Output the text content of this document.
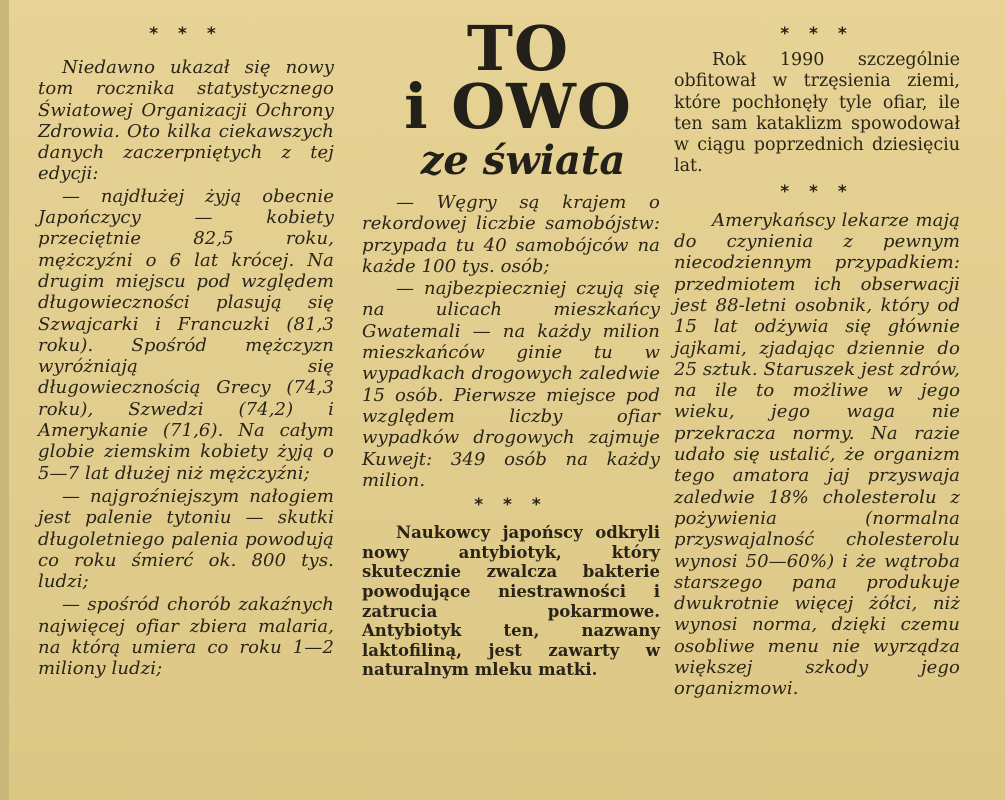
* * *

Niedawno ukazał się nowy tom rocznika statystycznego Światowej Organizacji Ochrony Zdrowia. Oto kilka ciekawszych danych zaczerpniętych z tej edycji:

— najdłużej żyją obecnie Japończycy — kobiety przeciętnie 82,5 roku, mężczyźni o 6 lat krócej. Na drugim miejscu pod względem długowieczności plasują się Szwajcarki i Francuzki (81,3 roku). Spośród mężczyzn wyróżniają się długowiecznością Grecy (74,3 roku), Szwedzi (74,2) i Amerykanie (71,6). Na całym globie ziemskim kobiety żyją o 5—7 lat dłużej niż mężczyźni;

— najgroźniejszym nałogiem jest palenie tytoniu — skutki długoletniego palenia powodują co roku śmierć ok. 800 tys. ludzi;

— spośród chorób zakaźnych najwięcej ofiar zbiera malaria, na którą umiera co roku 1—2 miliony ludzi;

TO
i OWO
ze świata

— Węgry są krajem o rekordowej liczbie samobójstw: przypada tu 40 samobójców na każde 100 tys. osób;

— najbezpieczniej czują się na ulicach mieszkańcy Gwatemali — na każdy milion mieszkańców ginie tu w wypadkach drogowych zaledwie 15 osób. Pierwsze miejsce pod względem liczby ofiar wypadków drogowych zajmuje Kuwejt: 349 osób na każdy milion.

* * *

Naukowcy japońscy odkryli nowy antybiotyk, który skutecznie zwalcza bakterie powodujące niestrawności i zatrucia pokarmowe. Antybiotyk ten, nazwany laktofiliną, jest zawarty w naturalnym mleku matki.

* * *

Rok 1990 szczególnie obfitował w trzęsienia ziemi, które pochłonęły tyle ofiar, ile ten sam kataklizm spowodował w ciągu poprzednich dziesięciu lat.

* * *

Amerykańscy lekarze mają do czynienia z pewnym niecodziennym przypadkiem: przedmiotem ich obserwacji jest 88-letni osobnik, który od 15 lat odżywia się głównie jajkami, zjadając dziennie do 25 sztuk. Staruszek jest zdrów, na ile to możliwe w jego wieku, jego waga nie przekracza normy. Na razie udało się ustalić, że organizm tego amatora jaj przyswaja zaledwie 18% cholesterolu z pożywienia (normalna przyswajalność cholesterolu wynosi 50—60%) i że wątroba starszego pana produkuje dwukrotnie więcej żółci, niż wynosi norma, dzięki czemu osobliwe menu nie wyrządza większej szkody jego organizmowi.
